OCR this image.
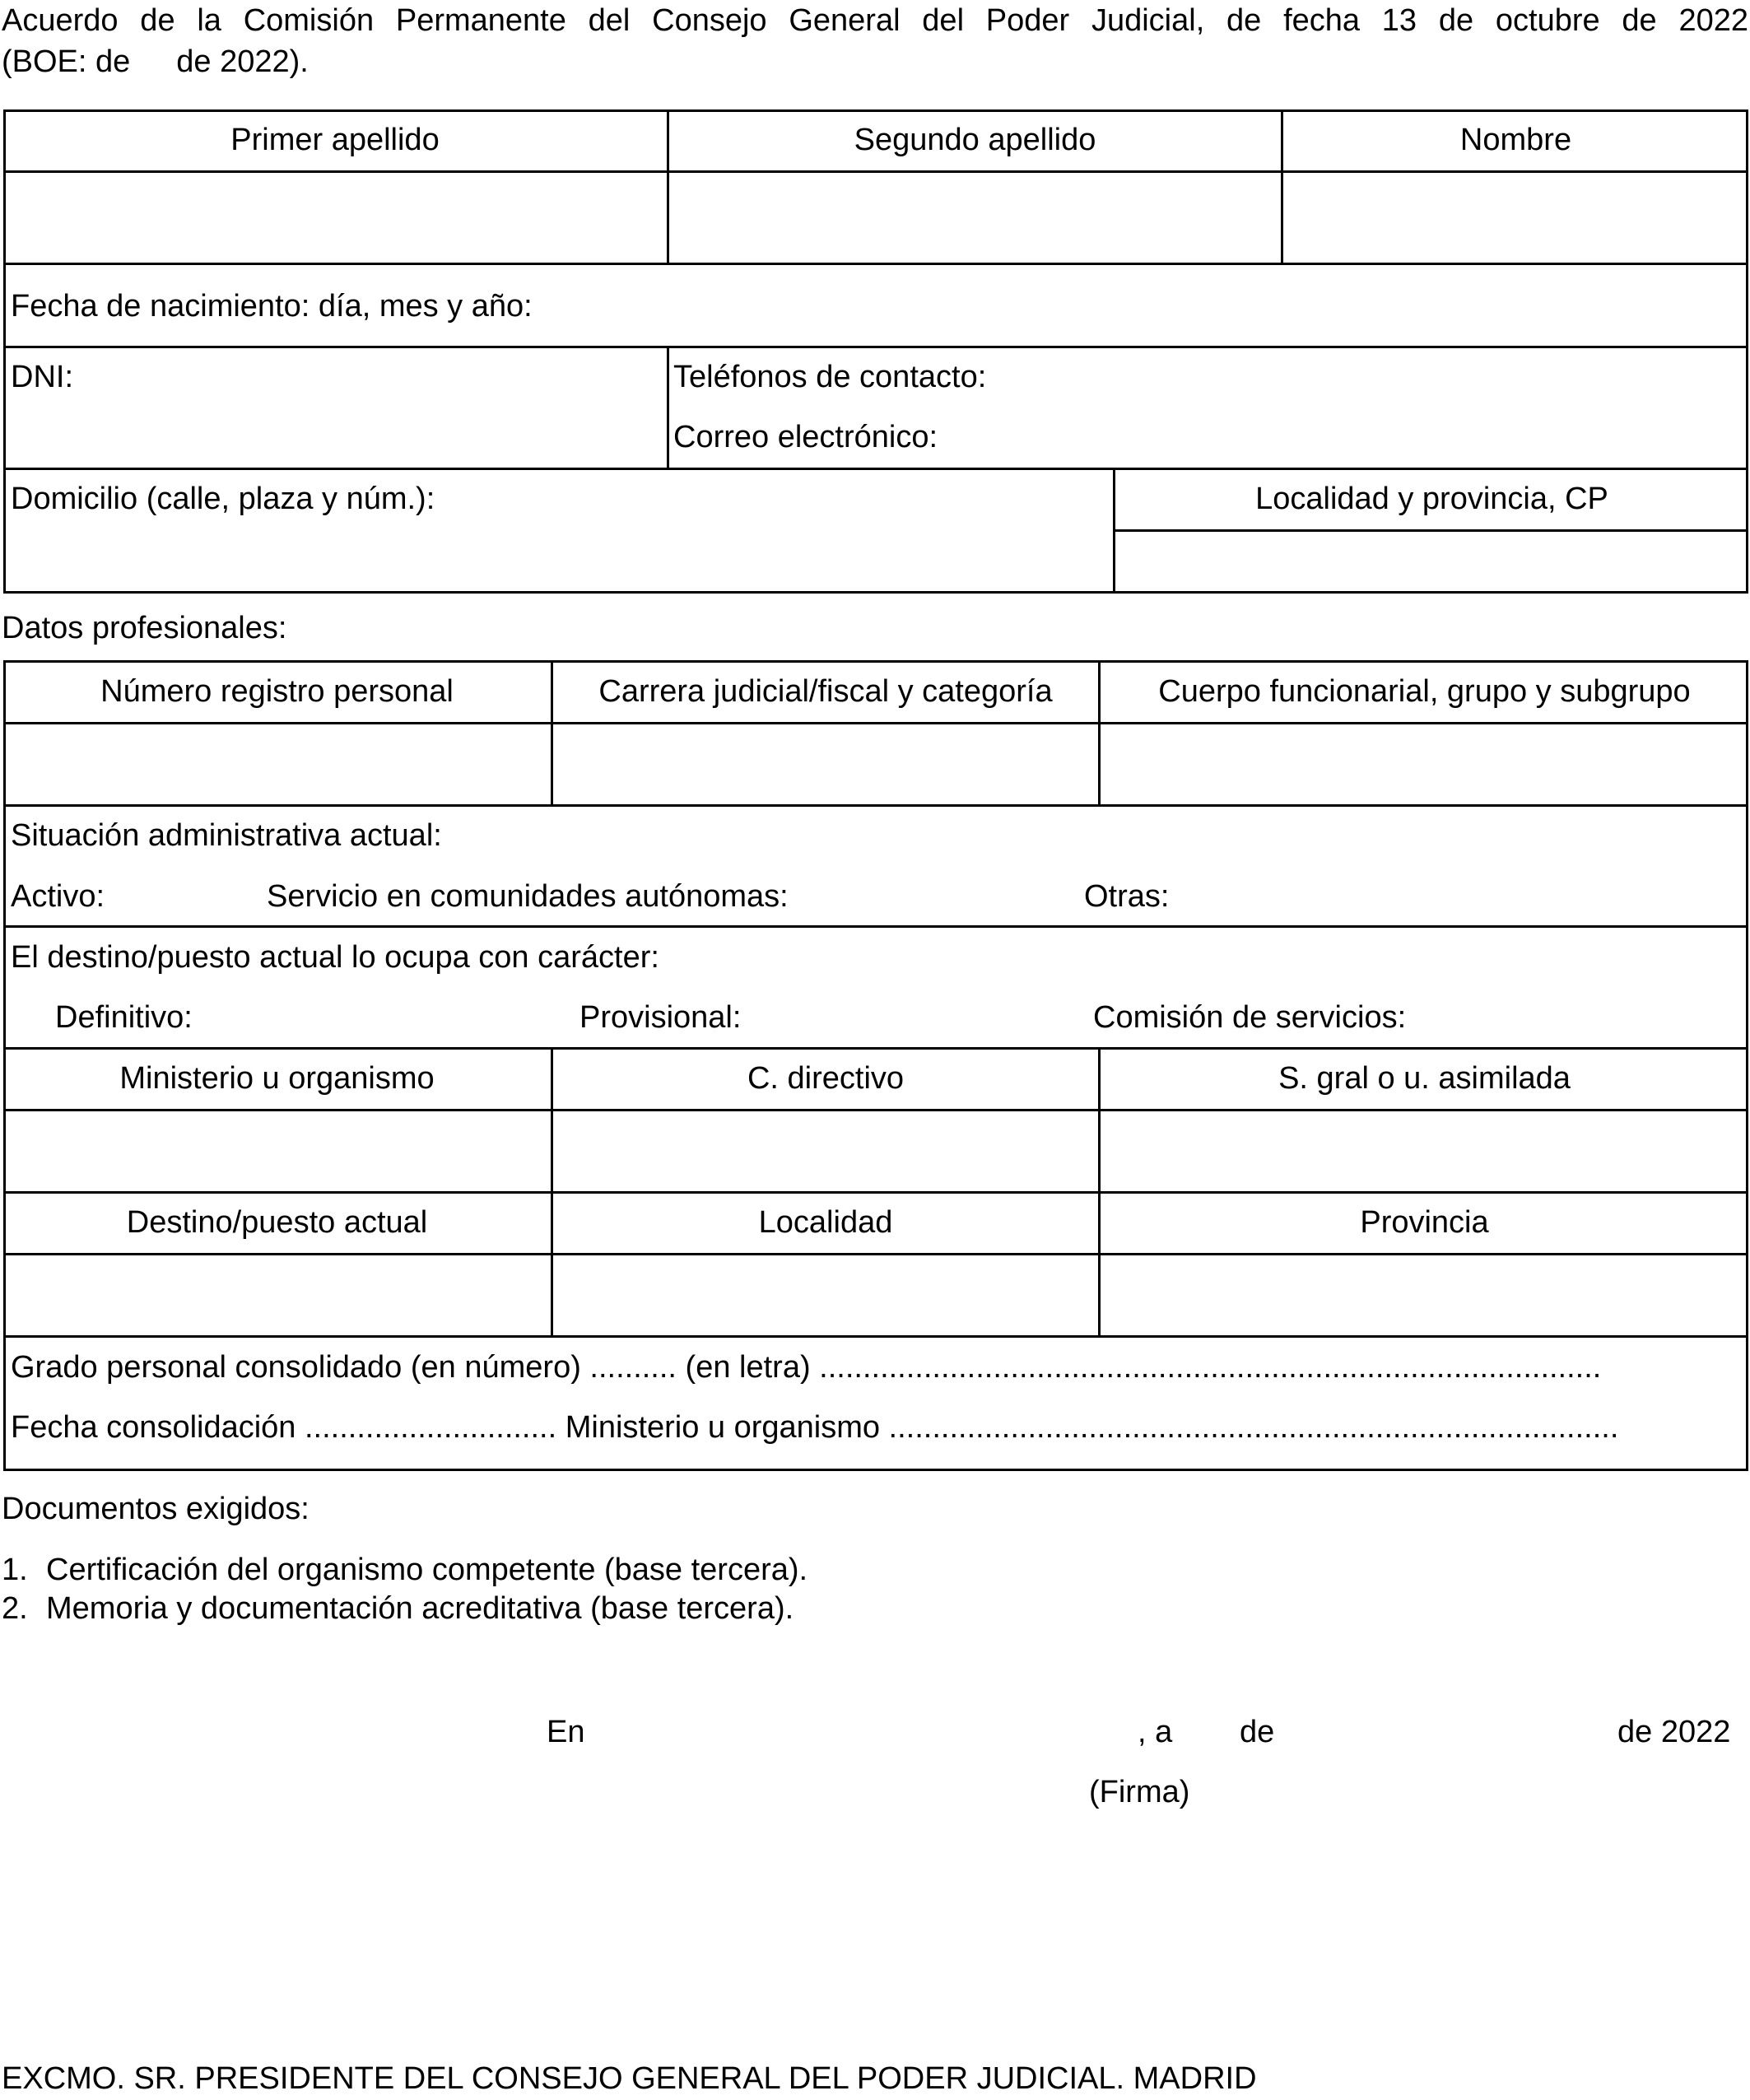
Acuerdo de la Comisión Permanente del Consejo General del Poder Judicial, de fecha 13 de octubre de 2022
(BOE: de de 2022).
Primer apellido	Segundo apellido	Nombre
Fecha de nacimiento: día, mes y año:
DNI:	Teléfonos de contacto:
Correo electrónico:
Domicilio (calle, plaza y núm.):	Localidad y provincia, CP
Datos profesionales:
Número registro personal	Carrera judicial/fiscal y categoría	Cuerpo funcionarial, grupo y subgrupo
Situación administrativa actual:
Activo:	Servicio en comunidades autónomas:	Otras:
El destino/puesto actual lo ocupa con carácter:
Definitivo:	Provisional:	Comisión de servicios:
Ministerio u organismo	C. directivo	S. gral o u. asimilada
Destino/puesto actual	Localidad	Provincia
Grado personal consolidado (en número) .......... (en letra) ..........................................................................................
Fecha consolidación ............................. Ministerio u organismo ....................................................................................
Documentos exigidos:
1. Certificación del organismo competente (base tercera).
2. Memoria y documentación acreditativa (base tercera).
En	, a de	de 2022
(Firma)
EXCMO. SR. PRESIDENTE DEL CONSEJO GENERAL DEL PODER JUDICIAL. MADRID
